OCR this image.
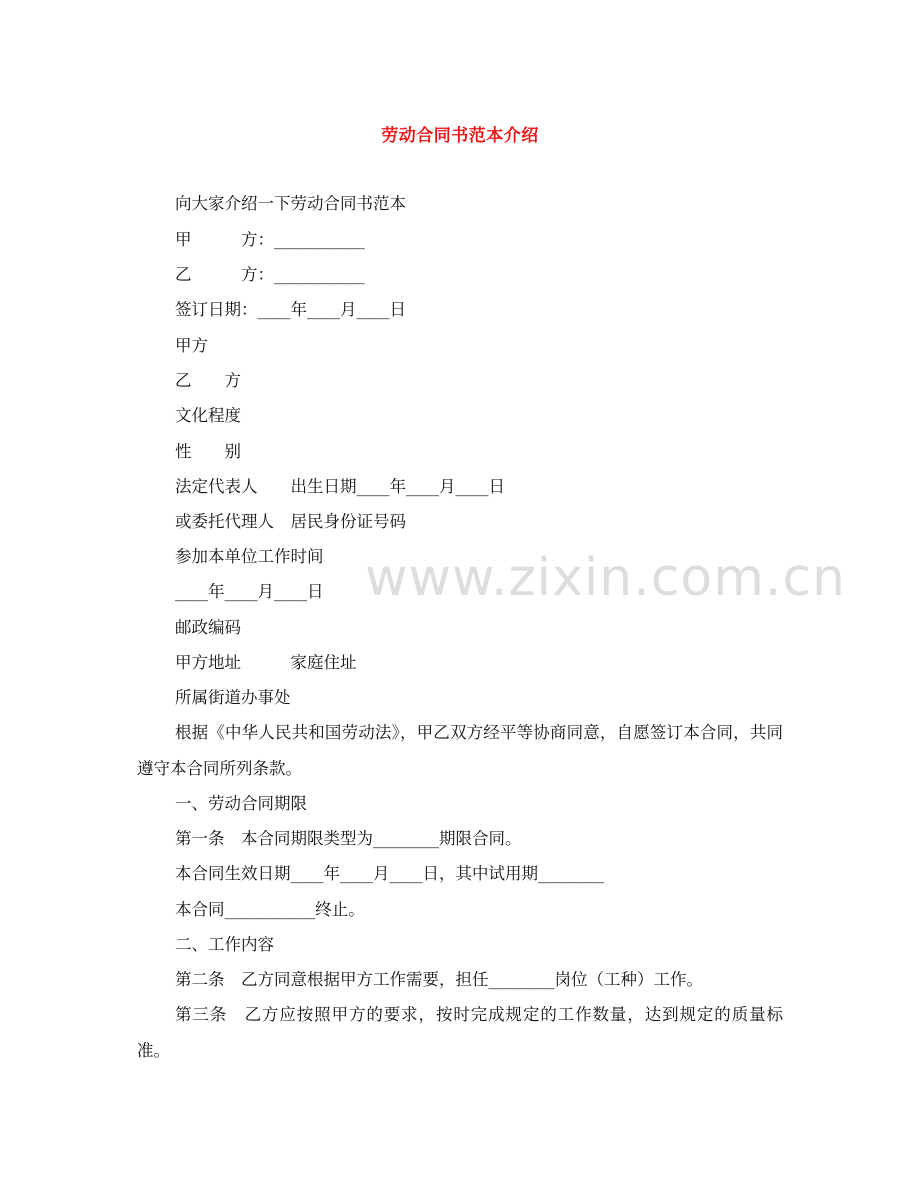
www.zixin.com.cn
劳动合同书范本介绍
向大家介绍一下劳动合同书范本
甲　　　方：___________
乙　　　方：___________
签订日期：____年____月____日
甲方
乙　　方
文化程度
性　　别
法定代表人　　出生日期____年____月____日
或委托代理人　居民身份证号码
参加本单位工作时间
____年____月____日
邮政编码
甲方地址　　　家庭住址
所属街道办事处
根据《中华人民共和国劳动法》，甲乙双方经平等协商同意，自愿签订本合同，共同遵守本合同所列条款。
一、劳动合同期限
第一条　本合同期限类型为________期限合同。
本合同生效日期____年____月____日，其中试用期________
本合同___________终止。
二、工作内容
第二条　乙方同意根据甲方工作需要，担任________岗位（工种）工作。
第三条　乙方应按照甲方的要求，按时完成规定的工作数量，达到规定的质量标准。
